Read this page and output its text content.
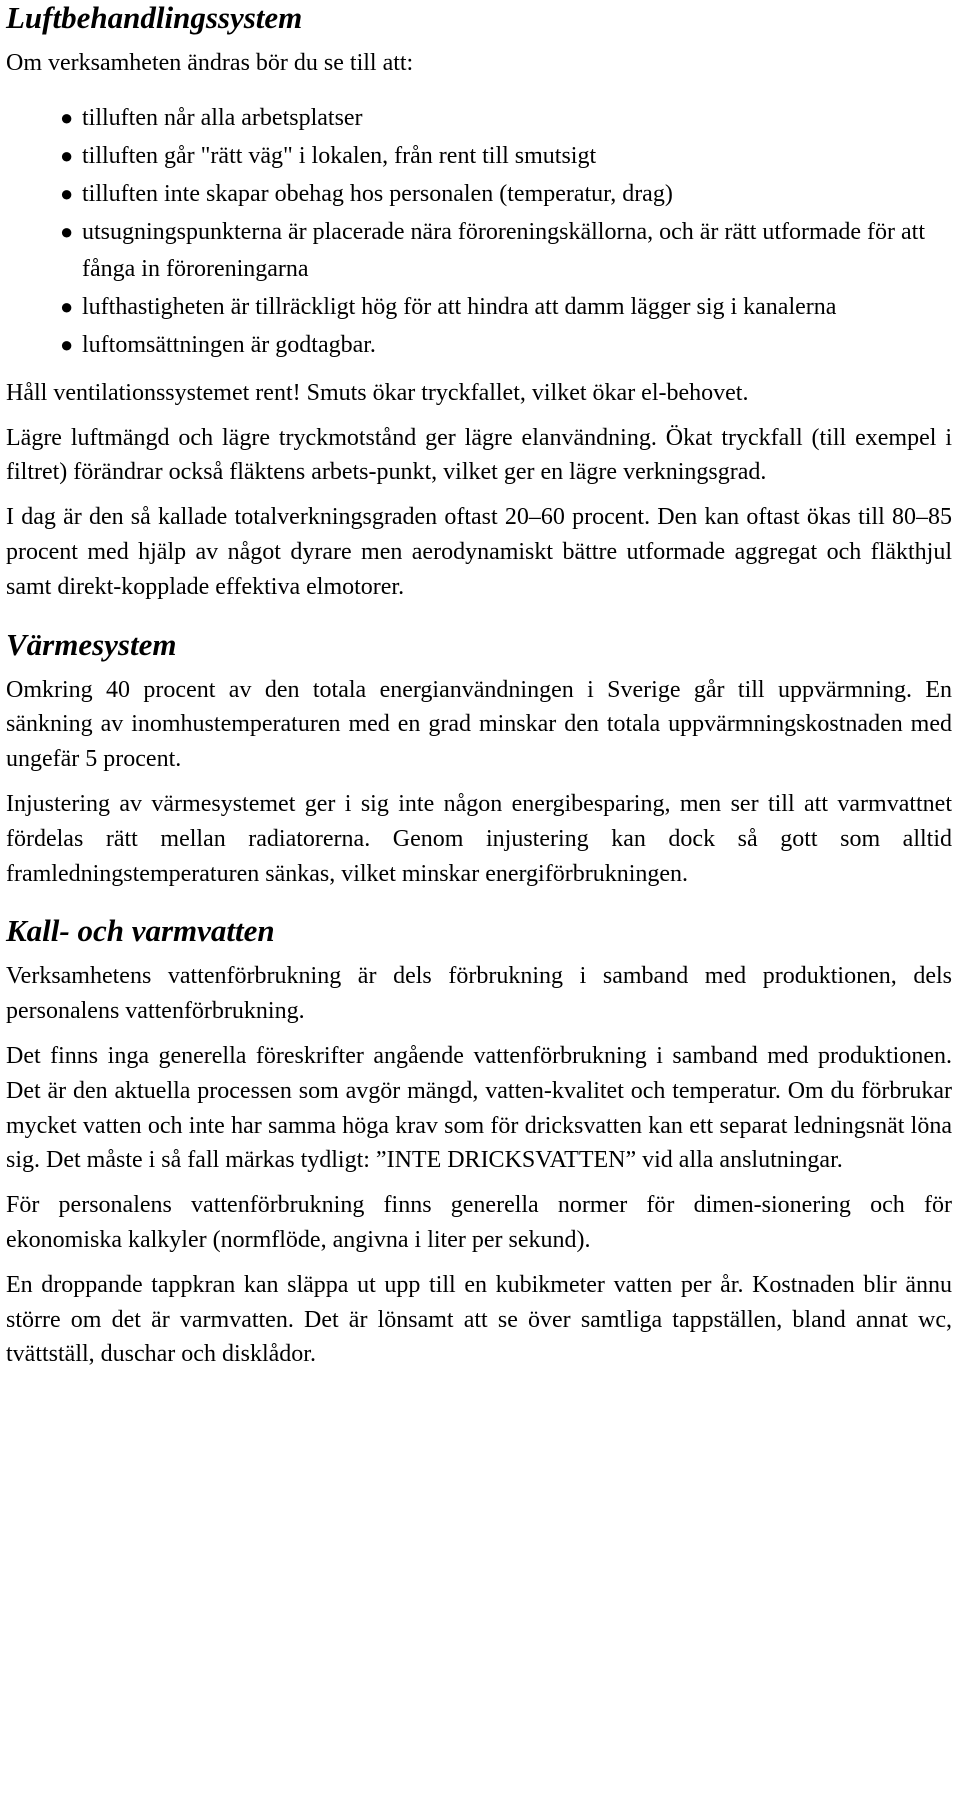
Luftbehandlingssystem

Om verksamheten ändras bör du se till att:

● tilluften når alla arbetsplatser
● tilluften går "rätt väg" i lokalen, från rent till smutsigt
● tilluften inte skapar obehag hos personalen (temperatur, drag)
● utsugningspunkterna är placerade nära föroreningskällorna, och är rätt utformade för att fånga in föroreningarna
● lufthastigheten är tillräckligt hög för att hindra att damm lägger sig i kanalerna
● luftomsättningen är godtagbar.

Håll ventilationssystemet rent! Smuts ökar tryckfallet, vilket ökar el-behovet.

Lägre luftmängd och lägre tryckmotstånd ger lägre elanvändning. Ökat tryckfall (till exempel i filtret) förändrar också fläktens arbets-punkt, vilket ger en lägre verkningsgrad.

I dag är den så kallade totalverkningsgraden oftast 20–60 procent. Den kan oftast ökas till 80–85 procent med hjälp av något dyrare men aerodynamiskt bättre utformade aggregat och fläkthjul samt direkt-kopplade effektiva elmotorer.

Värmesystem

Omkring 40 procent av den totala energianvändningen i Sverige går till uppvärmning. En sänkning av inomhustemperaturen med en grad minskar den totala uppvärmningskostnaden med ungefär 5 procent.

Injustering av värmesystemet ger i sig inte någon energibesparing, men ser till att varmvattnet fördelas rätt mellan radiatorerna. Genom injustering kan dock så gott som alltid framledningstemperaturen sänkas, vilket minskar energiförbrukningen.

Kall- och varmvatten

Verksamhetens vattenförbrukning är dels förbrukning i samband med produktionen, dels personalens vattenförbrukning.

Det finns inga generella föreskrifter angående vattenförbrukning i samband med produktionen. Det är den aktuella processen som avgör mängd, vatten-kvalitet och temperatur. Om du förbrukar mycket vatten och inte har samma höga krav som för dricksvatten kan ett separat ledningsnät löna sig. Det måste i så fall märkas tydligt: ”INTE DRICKSVATTEN” vid alla anslutningar.

För personalens vattenförbrukning finns generella normer för dimen-sionering och för ekonomiska kalkyler (normflöde, angivna i liter per sekund).

En droppande tappkran kan släppa ut upp till en kubikmeter vatten per år. Kostnaden blir ännu större om det är varmvatten. Det är lönsamt att se över samtliga tappställen, bland annat wc, tvättställ, duschar och disklådor.
